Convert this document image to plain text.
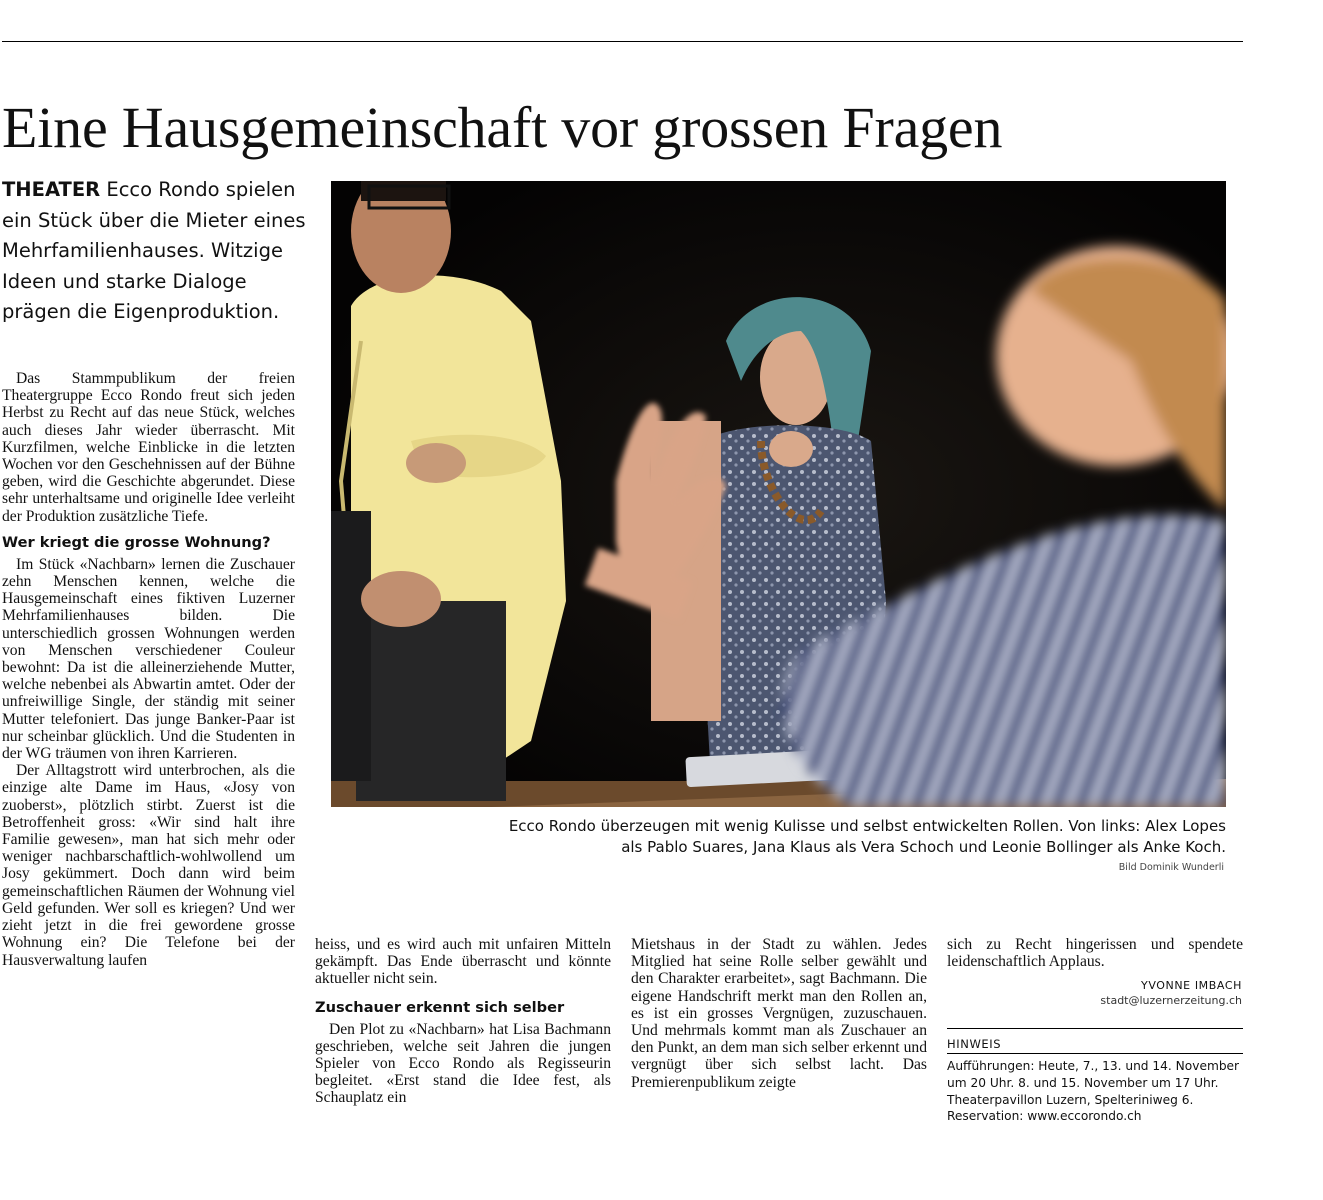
Eine Hausgemeinschaft vor grossen Fragen
THEATER Ecco Rondo spielen ein Stück über die Mieter eines Mehrfamilienhauses. Witzige Ideen und starke Dialoge prägen die Eigenproduktion.

Das Stammpublikum der freien Theatergruppe Ecco Rondo freut sich jeden Herbst zu Recht auf das neue Stück, welches auch dieses Jahr wieder überrascht. Mit Kurzfilmen, welche Einblicke in die letzten Wochen vor den Geschehnissen auf der Bühne geben, wird die Geschichte abgerundet. Diese sehr unterhaltsame und originelle Idee verleiht der Produktion zusätzliche Tiefe.

Wer kriegt die grosse Wohnung?

Im Stück «Nachbarn» lernen die Zuschauer zehn Menschen kennen, welche die Hausgemeinschaft eines fiktiven Luzerner Mehrfamilienhauses bilden. Die unterschiedlich grossen Wohnungen werden von Menschen verschiedener Couleur bewohnt: Da ist die alleinerziehende Mutter, welche nebenbei als Abwartin amtet. Oder der unfreiwillige Single, der ständig mit seiner Mutter telefoniert. Das junge Banker-Paar ist nur scheinbar glücklich. Und die Studenten in der WG träumen von ihren Karrieren.

Der Alltagstrott wird unterbrochen, als die einzige alte Dame im Haus, «Josy von zuoberst», plötzlich stirbt. Zuerst ist die Betroffenheit gross: «Wir sind halt ihre Familie gewesen», man hat sich mehr oder weniger nachbarschaftlich-wohlwollend um Josy gekümmert. Doch dann wird beim gemeinschaftlichen Räumen der Wohnung viel Geld gefunden. Wer soll es kriegen? Und wer zieht jetzt in die frei gewordene grosse Wohnung ein? Die Telefone bei der Hausverwaltung laufen

heiss, und es wird auch mit unfairen Mitteln gekämpft. Das Ende überrascht und könnte aktueller nicht sein.

Zuschauer erkennt sich selber

Den Plot zu «Nachbarn» hat Lisa Bachmann geschrieben, welche seit Jahren die jungen Spieler von Ecco Rondo als Regisseurin begleitet. «Erst stand die Idee fest, als Schauplatz ein

Mietshaus in der Stadt zu wählen. Jedes Mitglied hat seine Rolle selber gewählt und den Charakter erarbeitet», sagt Bachmann. Die eigene Handschrift merkt man den Rollen an, es ist ein grosses Vergnügen, zuzuschauen. Und mehrmals kommt man als Zuschauer an den Punkt, an dem man sich selber erkennt und vergnügt über sich selbst lacht. Das Premierenpublikum zeigte

sich zu Recht hingerissen und spendete leidenschaftlich Applaus.

Ecco Rondo überzeugen mit wenig Kulisse und selbst entwickelten Rollen. Von links: Alex Lopes
als Pablo Suares, Jana Klaus als Vera Schoch und Leonie Bollinger als Anke Koch.
Bild Dominik Wunderli
YVONNE IMBACH
stadt@luzernerzeitung.ch
HINWEIS
Aufführungen: Heute, 7., 13. und 14. November
um 20 Uhr. 8. und 15. November um 17 Uhr.
Theaterpavillon Luzern, Spelteriniweg 6.
Reservation: www.eccorondo.ch
